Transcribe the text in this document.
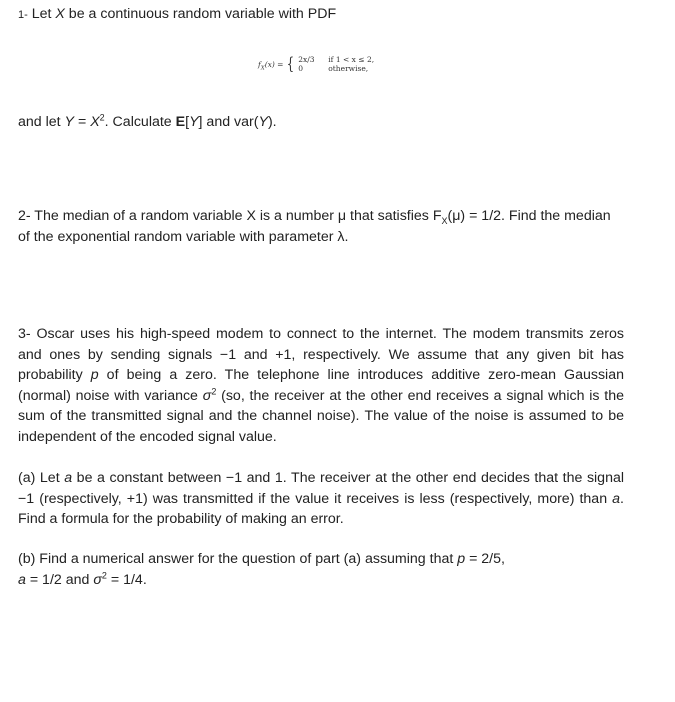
1- Let X be a continuous random variable with PDF
$f_X(x)$ = { 2x/3	if 1 < x ≤ 2,
0	otherwise,
and let $Y = X^2$. Calculate E[Y] and var(Y).
2- The median of a random variable X is a number μ that satisfies $F_X(\mu) = 1/2$. Find the median of the exponential random variable with parameter λ.
3- Oscar uses his high-speed modem to connect to the internet. The modem transmits zeros and ones by sending signals −1 and +1, respectively. We assume that any given bit has probability p of being a zero. The telephone line introduces additive zero-mean Gaussian (normal) noise with variance $\sigma^2$ (so, the receiver at the other end receives a signal which is the sum of the transmitted signal and the channel noise). The value of the noise is assumed to be independent of the encoded signal value.
(a) Let a be a constant between −1 and 1. The receiver at the other end decides that the signal −1 (respectively, +1) was transmitted if the value it receives is less (respectively, more) than a. Find a formula for the probability of making an error.
(b) Find a numerical answer for the question of part (a) assuming that p = 2/5,
a = 1/2 and $\sigma^2 = 1/4$.
